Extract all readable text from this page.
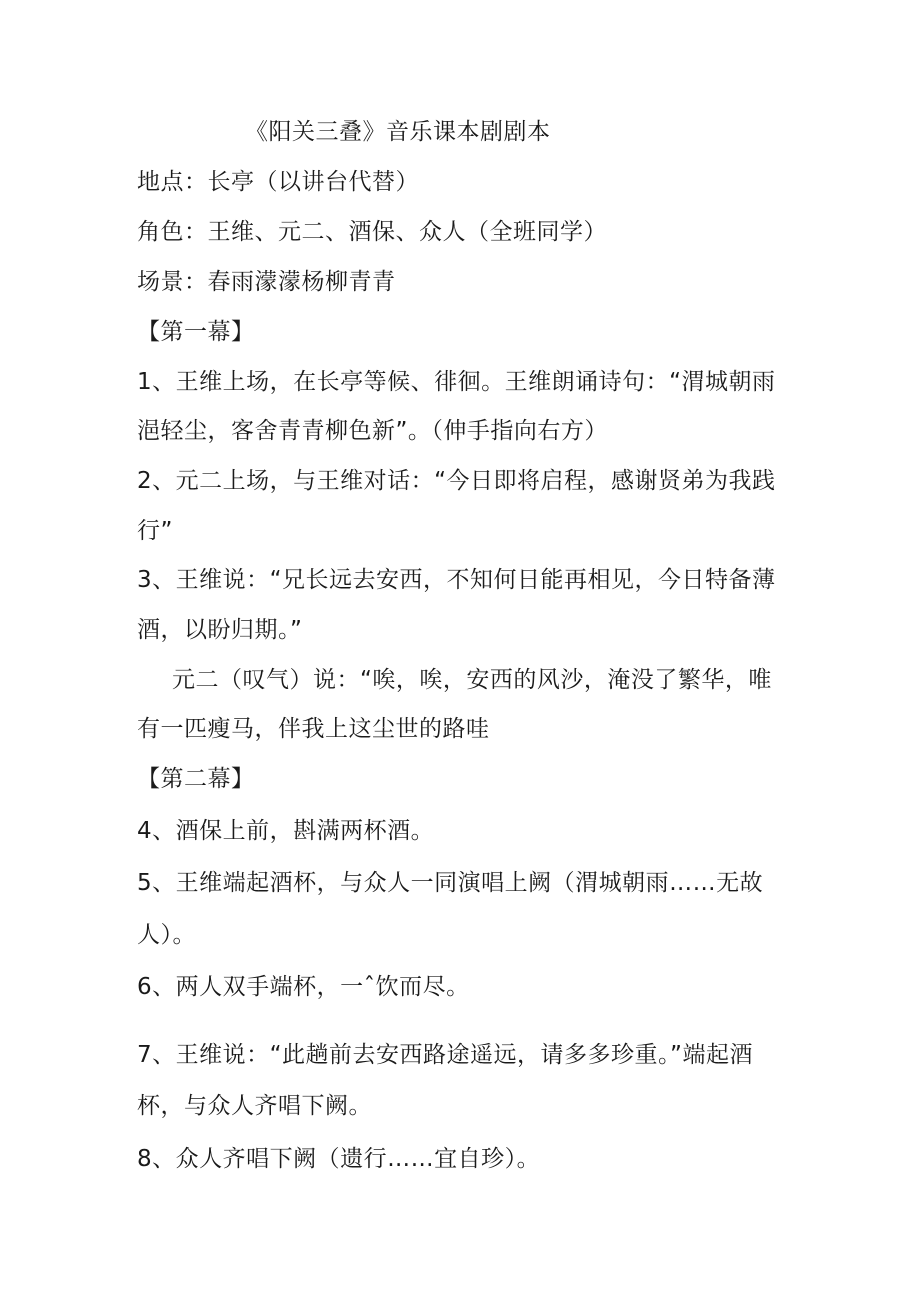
《阳关三叠》音乐课本剧剧本
地点：长亭（以讲台代替）
角色：王维、元二、酒保、众人（全班同学）
场景：春雨濛濛杨柳青青
【第一幕】
1、王维上场，在长亭等候、徘徊。王维朗诵诗句：“渭城朝雨
浥轻尘，客舍青青柳色新”。（伸手指向右方）
2、元二上场，与王维对话：“今日即将启程，感谢贤弟为我践
行”
3、王维说：“兄长远去安西，不知何日能再相见，今日特备薄
酒，以盼归期。”
元二（叹气）说：“唉，唉，安西的风沙，淹没了繁华，唯
有一匹瘦马，伴我上这尘世的路哇
【第二幕】
4、酒保上前，斟满两杯酒。
5、王维端起酒杯，与众人一同演唱上阙（渭城朝雨……无故
人）。
6、两人双手端杯，一ˆ饮而尽。
7、王维说：“此趟前去安西路途遥远，请多多珍重。”端起酒
杯，与众人齐唱下阙。
8、众人齐唱下阙（遗行……宜自珍）。
